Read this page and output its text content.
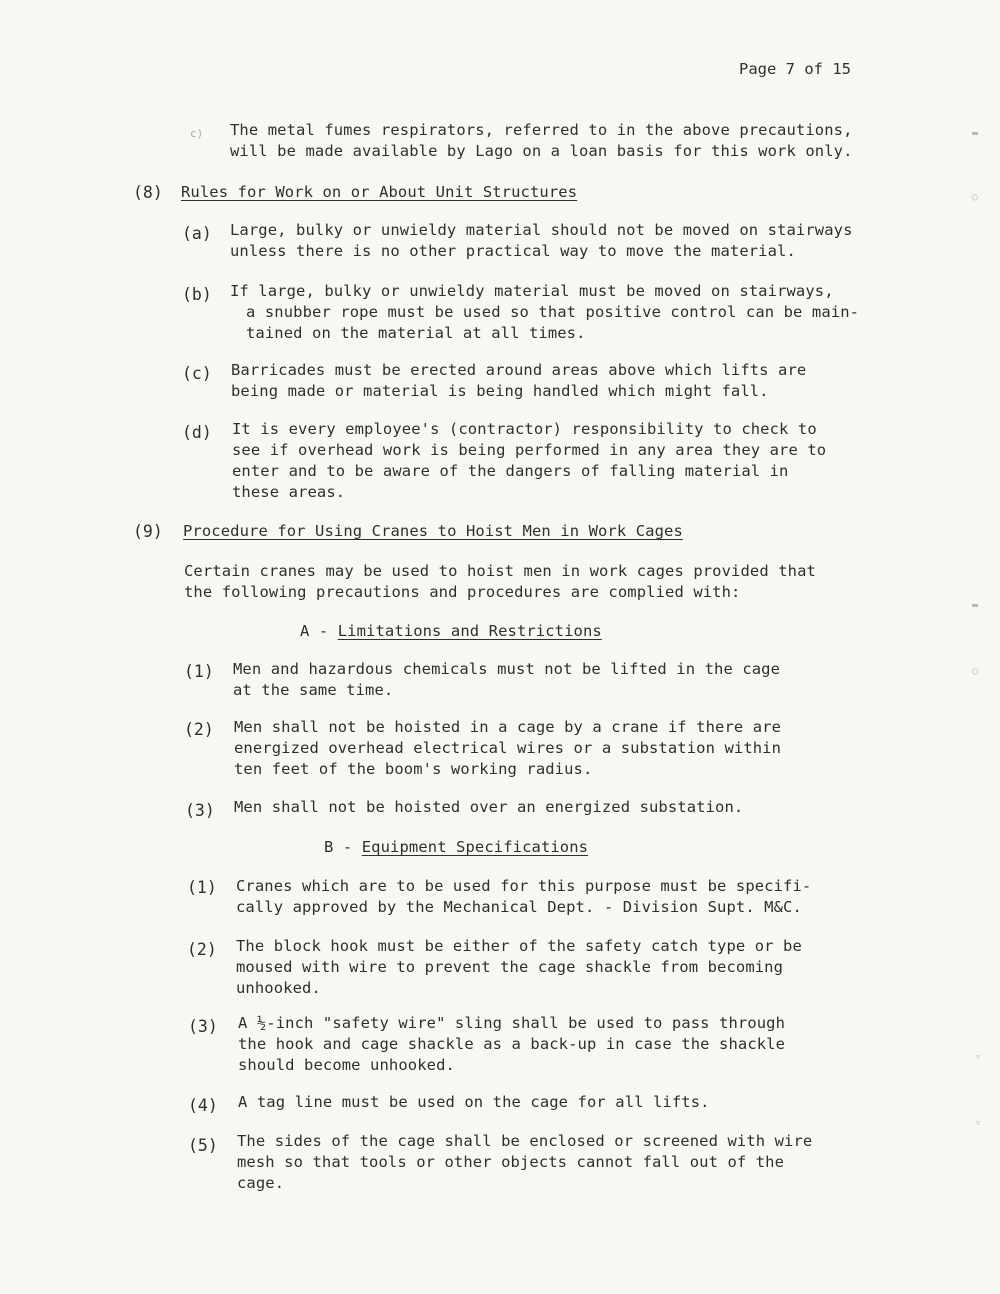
Page 7 of 15
c) The metal fumes respirators, referred to in the above precautions,
will be made available by Lago on a loan basis for this work only.
(8) Rules for Work on or About Unit Structures
(a) Large, bulky or unwieldy material should not be moved on stairways
unless there is no other practical way to move the material.
(b) If large, bulky or unwieldy material must be moved on stairways,
a snubber rope must be used so that positive control can be main-
tained on the material at all times.
(c) Barricades must be erected around areas above which lifts are
being made or material is being handled which might fall.
(d) It is every employee's (contractor) responsibility to check to
see if overhead work is being performed in any area they are to
enter and to be aware of the dangers of falling material in
these areas.
(9) Procedure for Using Cranes to Hoist Men in Work Cages
Certain cranes may be used to hoist men in work cages provided that
the following precautions and procedures are complied with:
A - Limitations and Restrictions
(1) Men and hazardous chemicals must not be lifted in the cage
at the same time.
(2) Men shall not be hoisted in a cage by a crane if there are
energized overhead electrical wires or a substation within
ten feet of the boom's working radius.
(3) Men shall not be hoisted over an energized substation.
B - Equipment Specifications
(1) Cranes which are to be used for this purpose must be specifi-
cally approved by the Mechanical Dept. - Division Supt. M&C.
(2) The block hook must be either of the safety catch type or be
moused with wire to prevent the cage shackle from becoming
unhooked.
(3) A ½-inch "safety wire" sling shall be used to pass through
the hook and cage shackle as a back-up in case the shackle
should become unhooked.
(4) A tag line must be used on the cage for all lifts.
(5) The sides of the cage shall be enclosed or screened with wire
mesh so that tools or other objects cannot fall out of the
cage.
▬
○
▬
○
▿
▿
